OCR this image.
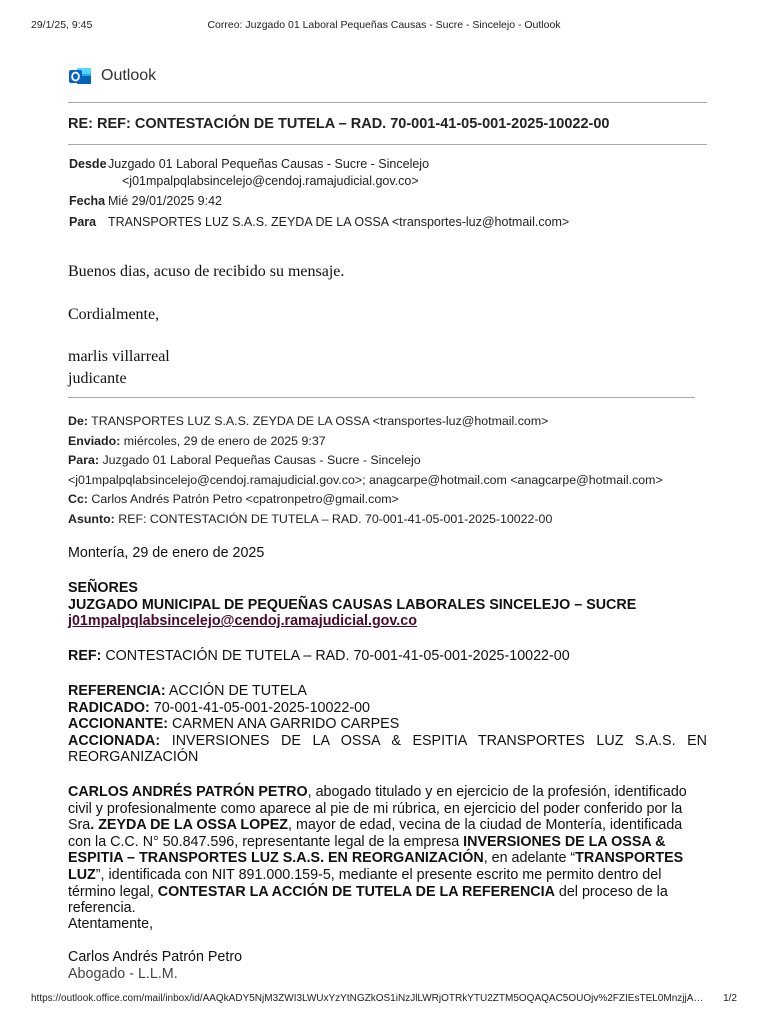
29/1/25, 9:45	Correo: Juzgado 01 Laboral Pequeñas Causas - Sucre - Sincelejo - Outlook
Outlook
RE: REF: CONTESTACIÓN DE TUTELA – RAD. 70-001-41-05-001-2025-10022-00
Desde Juzgado 01 Laboral Pequeñas Causas - Sucre - Sincelejo
<j01mpalpqlabsincelejo@cendoj.ramajudicial.gov.co>
Fecha Mié 29/01/2025 9:42
Para TRANSPORTES LUZ S.A.S. ZEYDA DE LA OSSA <transportes-luz@hotmail.com>
Buenos dias, acuso de recibido su mensaje.
Cordialmente,
marlis villarreal
judicante
De: TRANSPORTES LUZ S.A.S. ZEYDA DE LA OSSA <transportes-luz@hotmail.com>
Enviado: miércoles, 29 de enero de 2025 9:37
Para: Juzgado 01 Laboral Pequeñas Causas - Sucre - Sincelejo
<j01mpalpqlabsincelejo@cendoj.ramajudicial.gov.co>; anagcarpe@hotmail.com <anagcarpe@hotmail.com>
Cc: Carlos Andrés Patrón Petro <cpatronpetro@gmail.com>
Asunto: REF: CONTESTACIÓN DE TUTELA – RAD. 70-001-41-05-001-2025-10022-00
Montería, 29 de enero de 2025
SEÑORES
JUZGADO MUNICIPAL DE PEQUEÑAS CAUSAS LABORALES SINCELEJO – SUCRE
j01mpalpqlabsincelejo@cendoj.ramajudicial.gov.co
REF: CONTESTACIÓN DE TUTELA – RAD. 70-001-41-05-001-2025-10022-00
REFERENCIA: ACCIÓN DE TUTELA
RADICADO: 70-001-41-05-001-2025-10022-00
ACCIONANTE: CARMEN ANA GARRIDO CARPES
ACCIONADA: INVERSIONES DE LA OSSA & ESPITIA TRANSPORTES LUZ S.A.S. EN REORGANIZACIÓN
CARLOS ANDRÉS PATRÓN PETRO, abogado titulado y en ejercicio de la profesión, identificado civil y profesionalmente como aparece al pie de mi rúbrica, en ejercicio del poder conferido por la Sra. ZEYDA DE LA OSSA LOPEZ, mayor de edad, vecina de la ciudad de Montería, identificada con la C.C. N° 50.847.596, representante legal de la empresa INVERSIONES DE LA OSSA & ESPITIA – TRANSPORTES LUZ S.A.S. EN REORGANIZACIÓN, en adelante “TRANSPORTES LUZ”, identificada con NIT 891.000.159-5, mediante el presente escrito me permito dentro del término legal, CONTESTAR LA ACCIÓN DE TUTELA DE LA REFERENCIA del proceso de la referencia.
Atentamente,
Carlos Andrés Patrón Petro
Abogado - L.L.M.
https://outlook.office.com/mail/inbox/id/AAQkADY5NjM3ZWI3LWUxYzYtNGZkOS1iNzJlLWRjOTRkYTU2ZTM5OQAQAC5OUOjv%2FZIEsTEL0MnzjjA… 1/2
